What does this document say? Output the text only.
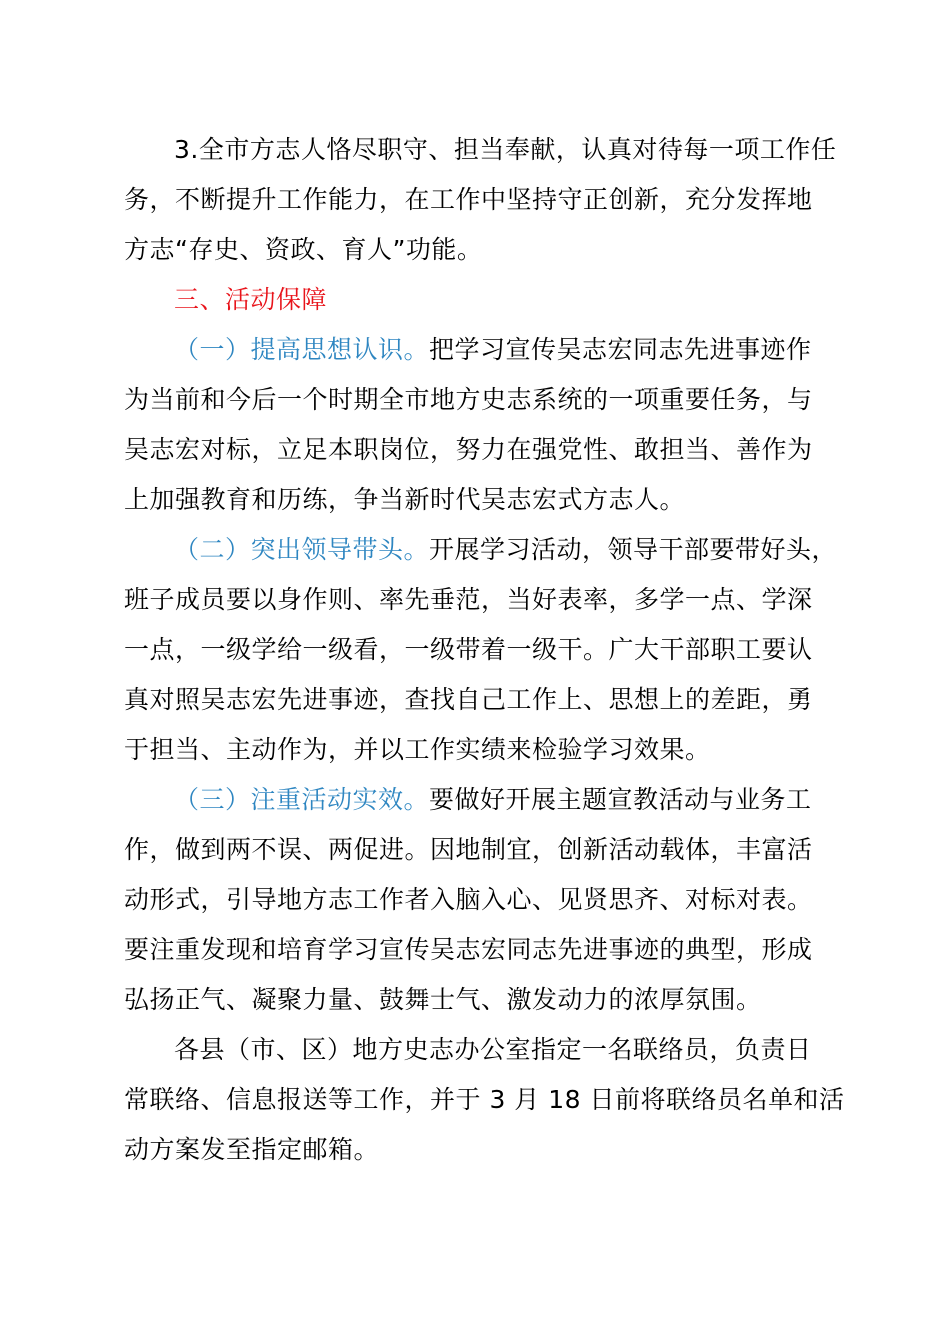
3.全市方志人恪尽职守、担当奉献，认真对待每一项工作任
务，不断提升工作能力，在工作中坚持守正创新，充分发挥地
方志“存史、资政、育人”功能。
三、活动保障
（一）提高思想认识。把学习宣传吴志宏同志先进事迹作
为当前和今后一个时期全市地方史志系统的一项重要任务，与
吴志宏对标，立足本职岗位，努力在强党性、敢担当、善作为
上加强教育和历练，争当新时代吴志宏式方志人。
（二）突出领导带头。开展学习活动，领导干部要带好头，
班子成员要以身作则、率先垂范，当好表率，多学一点、学深
一点，一级学给一级看，一级带着一级干。广大干部职工要认
真对照吴志宏先进事迹，查找自己工作上、思想上的差距，勇
于担当、主动作为，并以工作实绩来检验学习效果。
（三）注重活动实效。要做好开展主题宣教活动与业务工
作，做到两不误、两促进。因地制宜，创新活动载体，丰富活
动形式，引导地方志工作者入脑入心、见贤思齐、对标对表。
要注重发现和培育学习宣传吴志宏同志先进事迹的典型，形成
弘扬正气、凝聚力量、鼓舞士气、激发动力的浓厚氛围。
各县（市、区）地方史志办公室指定一名联络员，负责日
常联络、信息报送等工作，并于 3 月 18 日前将联络员名单和活
动方案发至指定邮箱。
